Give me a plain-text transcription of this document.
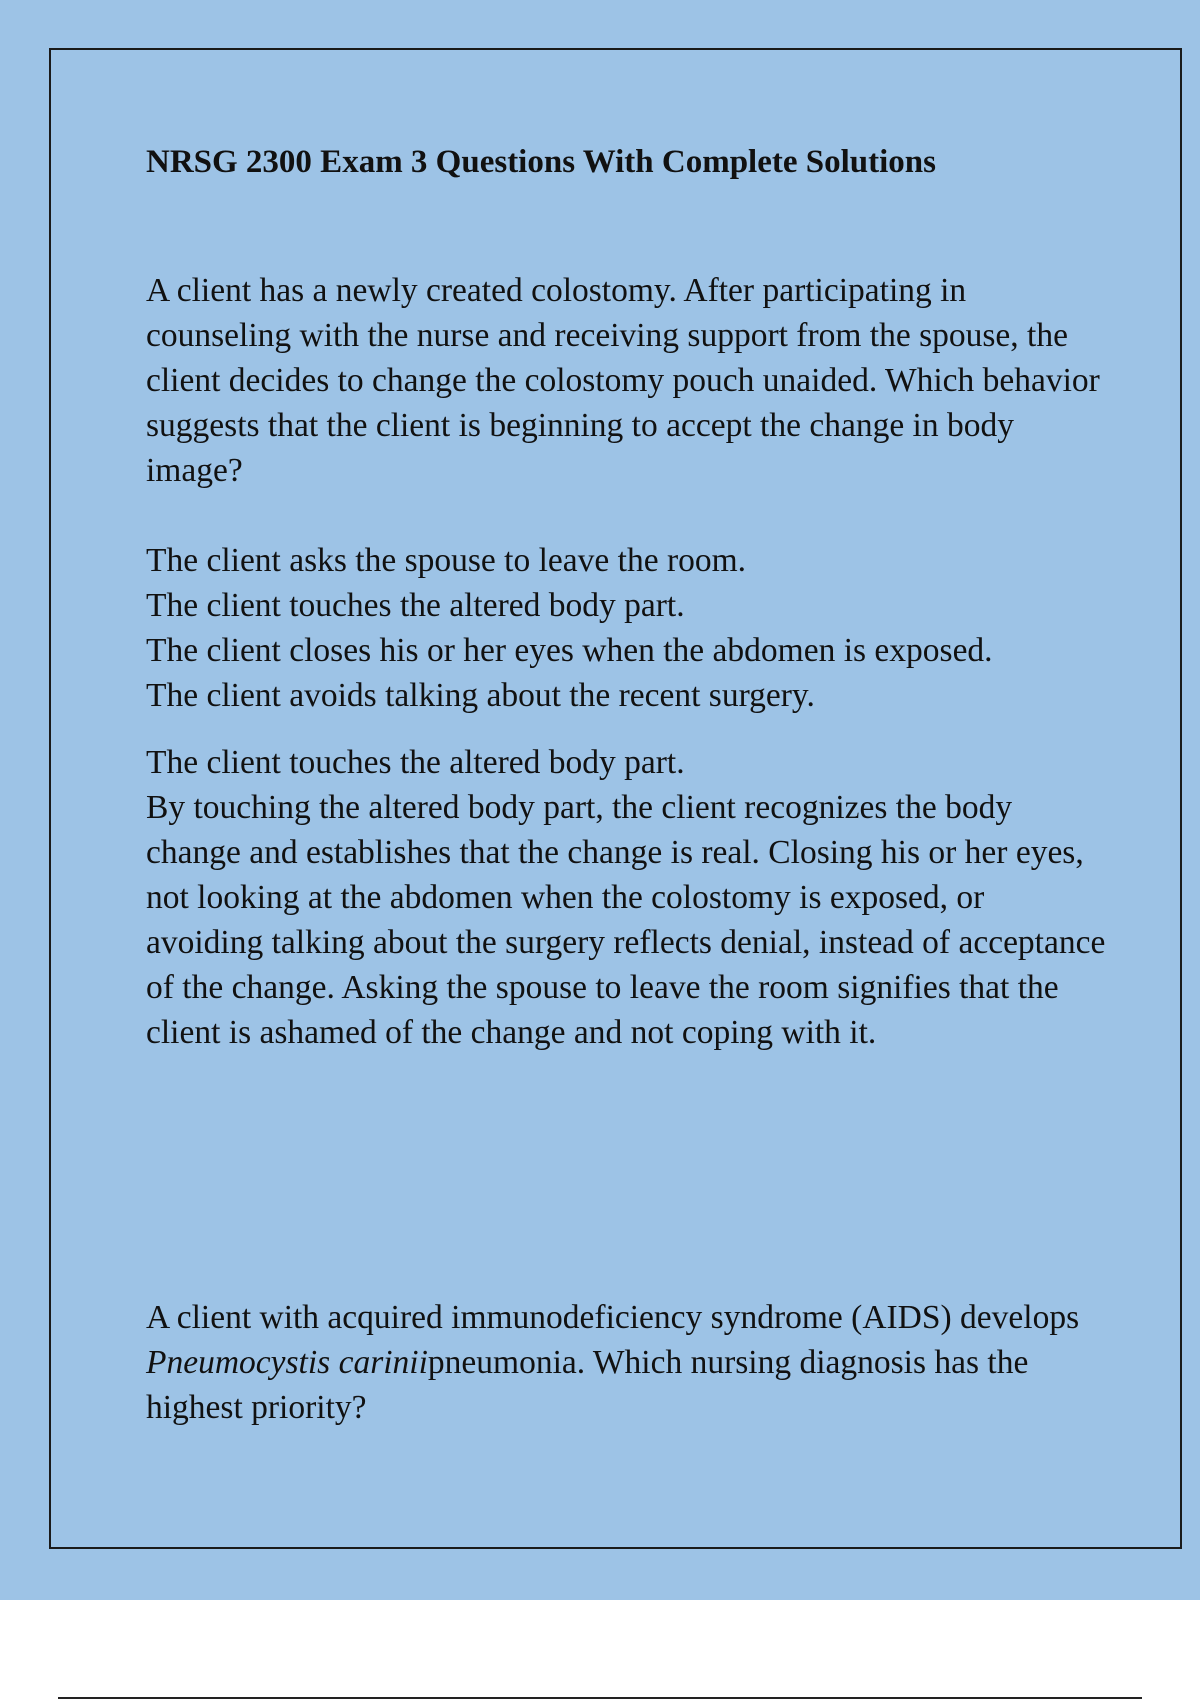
NRSG 2300 Exam 3 Questions With Complete Solutions

A client has a newly created colostomy. After participating in counseling with the nurse and receiving support from the spouse, the client decides to change the colostomy pouch unaided. Which behavior suggests that the client is beginning to accept the change in body image?

The client asks the spouse to leave the room.
The client touches the altered body part.
The client closes his or her eyes when the abdomen is exposed.
The client avoids talking about the recent surgery.

The client touches the altered body part.

By touching the altered body part, the client recognizes the body change and establishes that the change is real. Closing his or her eyes, not looking at the abdomen when the colostomy is exposed, or avoiding talking about the surgery reflects denial, instead of acceptance of the change. Asking the spouse to leave the room signifies that the client is ashamed of the change and not coping with it.

A client with acquired immunodeficiency syndrome (AIDS) develops Pneumocystis cariniipneumonia. Which nursing diagnosis has the highest priority?
